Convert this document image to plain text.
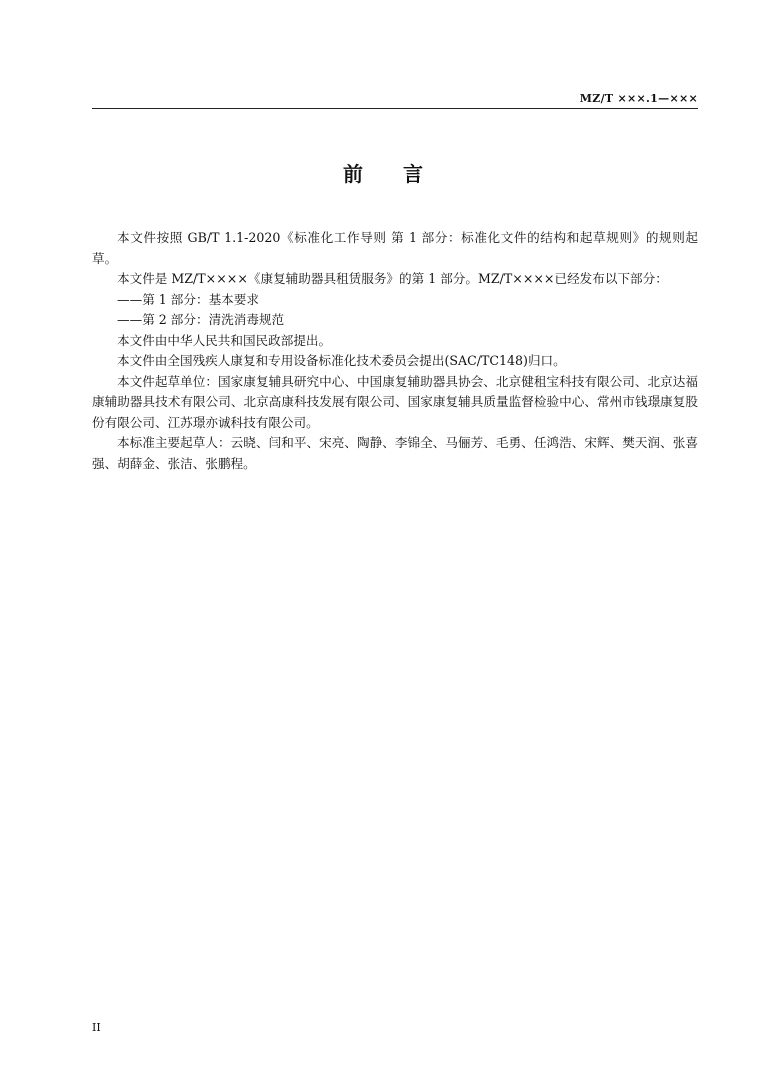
MZ/T ×××.1—×××
前 言

本文件按照 GB/T 1.1-2020《标准化工作导则 第 1 部分：标准化文件的结构和起草规则》的规则起草。

本文件是 MZ/T××××《康复辅助器具租赁服务》的第 1 部分。MZ/T××××已经发布以下部分：

——第 1 部分：基本要求

——第 2 部分：清洗消毒规范

本文件由中华人民共和国民政部提出。

本文件由全国残疾人康复和专用设备标准化技术委员会提出(SAC/TC148)归口。

本文件起草单位：国家康复辅具研究中心、中国康复辅助器具协会、北京健租宝科技有限公司、北京达福康辅助器具技术有限公司、北京高康科技发展有限公司、国家康复辅具质量监督检验中心、常州市钱璟康复股份有限公司、江苏璟亦诚科技有限公司。

本标准主要起草人：云晓、闫和平、宋亮、陶静、李锦全、马俪芳、毛勇、任鸿浩、宋辉、樊天润、张喜强、胡薛金、张洁、张鹏程。

II
